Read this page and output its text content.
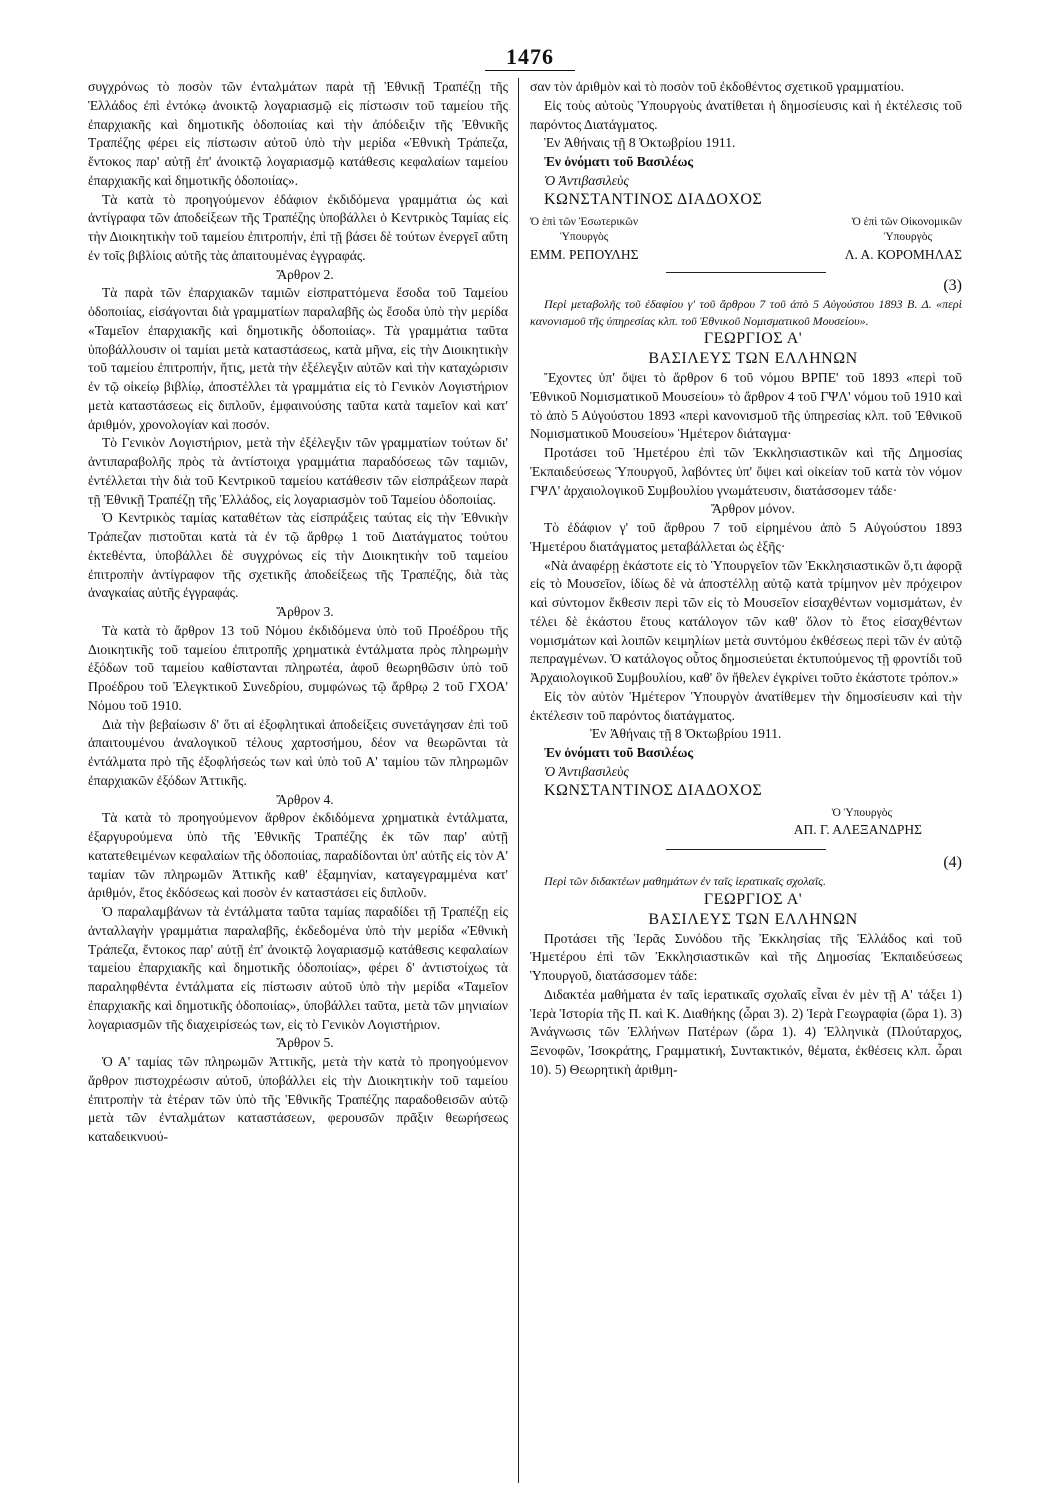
1476

συγχρόνως τὸ ποσὸν τῶν ἐνταλμάτων παρὰ τῇ Ἐθνικῇ Τραπέζῃ τῆς Ἑλλάδος ἐπὶ ἐντόκῳ ἀνοικτῷ λογαριασμῷ εἰς πίστωσιν τοῦ ταμείου τῆς ἐπαρχιακῆς καὶ δημοτικῆς ὁδοποιίας καὶ τὴν ἀπόδειξιν τῆς Ἐθνικῆς Τραπέζης φέρει εἰς πίστωσιν αὐτοῦ ὑπὸ τὴν μερίδα «Ἐθνικὴ Τράπεζα, ἔντοκος παρ' αὐτῇ ἐπ' ἀνοικτῷ λογαριασμῷ κατάθεσις κεφαλαίων ταμείου ἐπαρχιακῆς καὶ δημοτικῆς ὁδοποιίας».

Τὰ κατὰ τὸ προηγούμενον ἐδάφιον ἐκδιδόμενα γραμμάτια ὡς καὶ ἀντίγραφα τῶν ἀποδείξεων τῆς Τραπέζης ὑποβάλλει ὁ Κεντρικὸς Ταμίας εἰς τὴν Διοικητικὴν τοῦ ταμείου ἐπιτροπήν, ἐπὶ τῇ βάσει δὲ τούτων ἐνεργεῖ αὕτη ἐν τοῖς βιβλίοις αὐτῆς τὰς ἀπαιτουμένας ἐγγραφάς.

Ἄρθρον 2.

Τὰ παρὰ τῶν ἐπαρχιακῶν ταμιῶν εἰσπραττόμενα ἔσοδα τοῦ Ταμείου ὁδοποιίας, εἰσάγονται διὰ γραμματίων παραλαβῆς ὡς ἔσοδα ὑπὸ τὴν μερίδα «Ταμεῖον ἐπαρχιακῆς καὶ δημοτικῆς ὁδοποιίας». Τὰ γραμμάτια ταῦτα ὑποβάλλουσιν οἱ ταμίαι μετὰ καταστάσεως, κατὰ μῆνα, εἰς τὴν Διοικητικὴν τοῦ ταμείου ἐπιτροπήν, ἥτις, μετὰ τὴν ἐξέλεγξιν αὐτῶν καὶ τὴν καταχώρισιν ἐν τῷ οἰκείῳ βιβλίῳ, ἀποστέλλει τὰ γραμμάτια εἰς τὸ Γενικὸν Λογιστήριον μετὰ καταστάσεως εἰς διπλοῦν, ἐμφαινούσης ταῦτα κατὰ ταμεῖον καὶ κατ' ἀριθμόν, χρονολογίαν καὶ ποσόν.

Τὸ Γενικὸν Λογιστήριον, μετὰ τὴν ἐξέλεγξιν τῶν γραμματίων τούτων δι' ἀντιπαραβολῆς πρὸς τὰ ἀντίστοιχα γραμμάτια παραδόσεως τῶν ταμιῶν, ἐντέλλεται τὴν διὰ τοῦ Κεντρικοῦ ταμείου κατάθεσιν τῶν εἰσπράξεων παρὰ τῇ Ἐθνικῇ Τραπέζῃ τῆς Ἑλλάδος, εἰς λογαριασμὸν τοῦ Ταμείου ὁδοποιίας.

Ὁ Κεντρικὸς ταμίας καταθέτων τὰς εἰσπράξεις ταύτας εἰς τὴν Ἐθνικὴν Τράπεζαν πιστοῦται κατὰ τὰ ἐν τῷ ἄρθρῳ 1 τοῦ Διατάγματος τούτου ἐκτεθέντα, ὑποβάλλει δὲ συγχρόνως εἰς τὴν Διοικητικὴν τοῦ ταμείου ἐπιτροπὴν ἀντίγραφον τῆς σχετικῆς ἀποδείξεως τῆς Τραπέζης, διὰ τὰς ἀναγκαίας αὐτῆς ἐγγραφάς.

Ἄρθρον 3.

Τὰ κατὰ τὸ ἄρθρον 13 τοῦ Νόμου ἐκδιδόμενα ὑπὸ τοῦ Προέδρου τῆς Διοικητικῆς τοῦ ταμείου ἐπιτροπῆς χρηματικὰ ἐντάλματα πρὸς πληρωμὴν ἐξόδων τοῦ ταμείου καθίστανται πληρωτέα, ἀφοῦ θεωρηθῶσιν ὑπὸ τοῦ Προέδρου τοῦ Ἐλεγκτικοῦ Συνεδρίου, συμφώνως τῷ ἄρθρῳ 2 τοῦ ΓΧΟΑ' Νόμου τοῦ 1910.

Διὰ τὴν βεβαίωσιν δ' ὅτι αἱ ἐξοφλητικαὶ ἀποδείξεις συνετάγησαν ἐπὶ τοῦ ἀπαιτουμένου ἀναλογικοῦ τέλους χαρτοσήμου, δέον να θεωρῶνται τὰ ἐντάλματα πρὸ τῆς ἐξοφλήσεώς των καὶ ὑπὸ τοῦ Α' ταμίου τῶν πληρωμῶν ἐπαρχιακῶν ἐξόδων Ἀττικῆς.

Ἄρθρον 4.

Τὰ κατὰ τὸ προηγούμενον ἄρθρον ἐκδιδόμενα χρηματικὰ ἐντάλματα, ἐξαργυρούμενα ὑπὸ τῆς Ἐθνικῆς Τραπέζης ἐκ τῶν παρ' αὐτῇ κατατεθειμένων κεφαλαίων τῆς ὁδοποιίας, παραδίδονται ὑπ' αὐτῆς εἰς τὸν Α' ταμίαν τῶν πληρωμῶν Ἀττικῆς καθ' ἑξαμηνίαν, καταγεγραμμένα κατ' ἀριθμόν, ἔτος ἐκδόσεως καὶ ποσὸν ἐν καταστάσει εἰς διπλοῦν.

Ὁ παραλαμβάνων τὰ ἐντάλματα ταῦτα ταμίας παραδίδει τῇ Τραπέζῃ εἰς ἀνταλλαγὴν γραμμάτια παραλαβῆς, ἐκδεδομένα ὑπὸ τὴν μερίδα «Ἐθνικὴ Τράπεζα, ἔντοκος παρ' αὐτῇ ἐπ' ἀνοικτῷ λογαριασμῷ κατάθεσις κεφαλαίων ταμείου ἐπαρχιακῆς καὶ δημοτικῆς ὁδοποιίας», φέρει δ' ἀντιστοίχως τὰ παραληφθέντα ἐντάλματα εἰς πίστωσιν αὐτοῦ ὑπὸ τὴν μερίδα «Ταμεῖον ἐπαρχιακῆς καὶ δημοτικῆς ὁδοποιίας», ὑποβάλλει ταῦτα, μετὰ τῶν μηνιαίων λογαριασμῶν τῆς διαχειρίσεώς των, εἰς τὸ Γενικὸν Λογιστήριον.

Ἄρθρον 5.

Ὁ Α' ταμίας τῶν πληρωμῶν Ἀττικῆς, μετὰ τὴν κατὰ τὸ προηγούμενον ἄρθρον πιστοχρέωσιν αὐτοῦ, ὑποβάλλει εἰς τὴν Διοικητικὴν τοῦ ταμείου ἐπιτροπὴν τὰ ἑτέραν τῶν ὑπὸ τῆς Ἐθνικῆς Τραπέζης παραδοθεισῶν αὐτῷ μετὰ τῶν ἐνταλμάτων καταστάσεων, φερουσῶν πρᾶξιν θεωρήσεως καταδεικνυού-

σαν τὸν ἀριθμὸν καὶ τὸ ποσὸν τοῦ ἐκδοθέντος σχετικοῦ γραμματίου.

Εἰς τοὺς αὐτοὺς Ὑπουργοὺς ἀνατίθεται ἡ δημοσίευσις καὶ ἡ ἐκτέλεσις τοῦ παρόντος Διατάγματος.

Ἐν Ἀθήναις τῇ 8 Ὀκτωβρίου 1911.

Ἐν ὀνόματι τοῦ Βασιλέως

Ὁ Ἀντιβασιλεὺς

ΚΩΝΣΤΑΝΤΙΝΟΣ ΔΙΑΔΟΧΟΣ

Ὁ ἐπὶ τῶν Ἐσωτερικῶν
Ὑπουργὸς
ΕΜΜ. ΡΕΠΟΥΛΗΣ
Ὁ ἐπὶ τῶν Οἰκονομικῶν
Ὑπουργὸς
Λ. Α. ΚΟΡΟΜΗΛΑΣ

(3)

Περὶ μεταβολῆς τοῦ ἐδαφίου γ' τοῦ ἄρθρου 7 τοῦ ἀπὸ 5 Αὐγούστου 1893 Β. Δ. «περὶ κανονισμοῦ τῆς ὑπηρεσίας κλπ. τοῦ Ἐθνικοῦ Νομισματικοῦ Μουσείου».

ΓΕΩΡΓΙΟΣ Α'

ΒΑΣΙΛΕΥΣ ΤΩΝ ΕΛΛΗΝΩΝ

Ἔχοντες ὑπ' ὄψει τὸ ἄρθρον 6 τοῦ νόμου ΒΡΠΕ' τοῦ 1893 «περὶ τοῦ Ἐθνικοῦ Νομισματικοῦ Μουσείου» τὸ ἄρθρον 4 τοῦ ΓΨΛ' νόμου τοῦ 1910 καὶ τὸ ἀπὸ 5 Αὐγούστου 1893 «περὶ κανονισμοῦ τῆς ὑπηρεσίας κλπ. τοῦ Ἐθνικοῦ Νομισματικοῦ Μουσείου» Ἡμέτερον διάταγμα·

Προτάσει τοῦ Ἡμετέρου ἐπὶ τῶν Ἐκκλησιαστικῶν καὶ τῆς Δημοσίας Ἐκπαιδεύσεως Ὑπουργοῦ, λαβόντες ὑπ' ὄψει καὶ οἰκείαν τοῦ κατὰ τὸν νόμον ΓΨΛ' ἀρχαιολογικοῦ Συμβουλίου γνωμάτευσιν, διατάσσομεν τάδε·

Ἄρθρον μόνον.

Τὸ ἐδάφιον γ' τοῦ ἄρθρου 7 τοῦ εἰρημένου ἀπὸ 5 Αὐγούστου 1893 Ἡμετέρου διατάγματος μεταβάλλεται ὡς ἑξῆς·

«Νὰ ἀναφέρῃ ἑκάστοτε εἰς τὸ Ὑπουργεῖον τῶν Ἐκκλησιαστικῶν ὅ,τι ἀφορᾷ εἰς τὸ Μουσεῖον, ἰδίως δὲ νὰ ἀποστέλλῃ αὐτῷ κατὰ τρίμηνον μὲν πρόχειρον καὶ σύντομον ἔκθεσιν περὶ τῶν εἰς τὸ Μουσεῖον εἰσαχθέντων νομισμάτων, ἐν τέλει δὲ ἑκάστου ἔτους κατάλογον τῶν καθ' ὅλον τὸ ἔτος εἰσαχθέντων νομισμάτων καὶ λοιπῶν κειμηλίων μετὰ συντόμου ἐκθέσεως περὶ τῶν ἐν αὐτῷ πεπραγμένων. Ὁ κατάλογος οὗτος δημοσιεύεται ἐκτυπούμενος τῇ φροντίδι τοῦ Ἀρχαιολογικοῦ Συμβουλίου, καθ' ὃν ἤθελεν ἐγκρίνει τοῦτο ἑκάστοτε τρόπον.»

Εἰς τὸν αὐτὸν Ἡμέτερον Ὑπουργὸν ἀνατίθεμεν τὴν δημοσίευσιν καὶ τὴν ἐκτέλεσιν τοῦ παρόντος διατάγματος.

Ἐν Ἀθήναις τῇ 8 Ὀκτωβρίου 1911.

Ἐν ὀνόματι τοῦ Βασιλέως

Ὁ Ἀντιβασιλεὺς

ΚΩΝΣΤΑΝΤΙΝΟΣ ΔΙΑΔΟΧΟΣ

Ὁ Ὑπουργὸς
ΑΠ. Γ. ΑΛΕΞΑΝΔΡΗΣ

(4)

Περὶ τῶν διδακτέων μαθημάτων ἐν ταῖς ἱερατικαῖς σχολαῖς.

ΓΕΩΡΓΙΟΣ Α'

ΒΑΣΙΛΕΥΣ ΤΩΝ ΕΛΛΗΝΩΝ

Προτάσει τῆς Ἱερᾶς Συνόδου τῆς Ἐκκλησίας τῆς Ἑλλάδος καὶ τοῦ Ἡμετέρου ἐπὶ τῶν Ἐκκλησιαστικῶν καὶ τῆς Δημοσίας Ἐκπαιδεύσεως Ὑπουργοῦ, διατάσσομεν τάδε:

Διδακτέα μαθήματα ἐν ταῖς ἱερατικαῖς σχολαῖς εἶναι ἐν μὲν τῇ Α' τάξει 1) Ἱερὰ Ἱστορία τῆς Π. καὶ Κ. Διαθήκης (ὧραι 3). 2) Ἱερὰ Γεωγραφία (ὥρα 1). 3) Ἀνάγνωσις τῶν Ἐλλήνων Πατέρων (ὥρα 1). 4) Ἑλληνικὰ (Πλούταρχος, Ξενοφῶν, Ἰσοκράτης, Γραμματική, Συντακτικόν, θέματα, ἐκθέσεις κλπ. ὧραι 10). 5) Θεωρητικὴ ἀριθμη-
